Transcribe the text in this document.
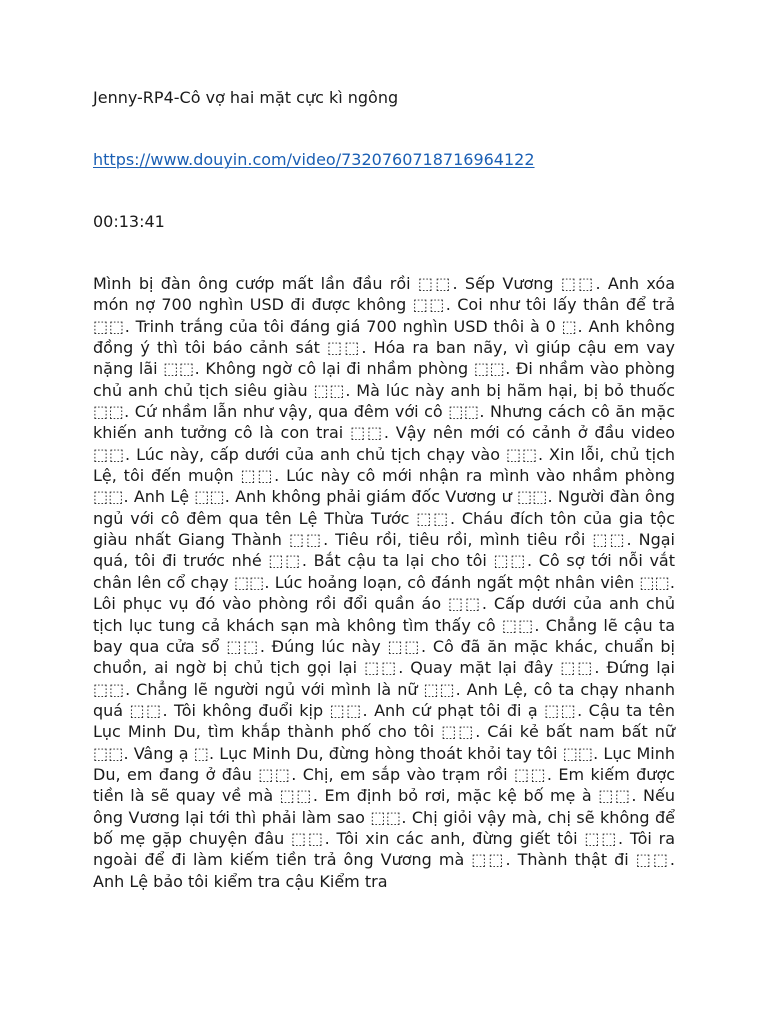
Jenny-RP4-Cô vợ hai mặt cực kì ngông
https://www.douyin.com/video/7320760718716964122
00:13:41
Mình bị đàn ông cướp mất lần đầu rồi ⬚⬚. Sếp Vương ⬚⬚. Anh xóa món nợ 700 nghìn USD đi được không ⬚⬚. Coi như tôi lấy thân để trả ⬚⬚. Trinh trắng của tôi đáng giá 700 nghìn USD thôi à 0 ⬚. Anh không đồng ý thì tôi báo cảnh sát ⬚⬚. Hóa ra ban nãy, vì giúp cậu em vay nặng lãi ⬚⬚. Không ngờ cô lại đi nhầm phòng ⬚⬚. Đi nhầm vào phòng chủ anh chủ tịch siêu giàu ⬚⬚. Mà lúc này anh bị hãm hại, bị bỏ thuốc ⬚⬚. Cứ nhầm lẫn như vậy, qua đêm với cô ⬚⬚. Nhưng cách cô ăn mặc khiến anh tưởng cô là con trai ⬚⬚. Vậy nên mới có cảnh ở đầu video ⬚⬚. Lúc này, cấp dưới của anh chủ tịch chạy vào ⬚⬚. Xin lỗi, chủ tịch Lệ, tôi đến muộn ⬚⬚. Lúc này cô mới nhận ra mình vào nhầm phòng ⬚⬚. Anh Lệ ⬚⬚. Anh không phải giám đốc Vương ư ⬚⬚. Người đàn ông ngủ với cô đêm qua tên Lệ Thừa Tước ⬚⬚. Cháu đích tôn của gia tộc giàu nhất Giang Thành ⬚⬚. Tiêu rồi, tiêu rồi, mình tiêu rồi ⬚⬚. Ngại quá, tôi đi trước nhé ⬚⬚. Bắt cậu ta lại cho tôi ⬚⬚. Cô sợ tới nỗi vắt chân lên cổ chạy ⬚⬚. Lúc hoảng loạn, cô đánh ngất một nhân viên ⬚⬚. Lôi phục vụ đó vào phòng rồi đổi quần áo ⬚⬚. Cấp dưới của anh chủ tịch lục tung cả khách sạn mà không tìm thấy cô ⬚⬚. Chẳng lẽ cậu ta bay qua cửa sổ ⬚⬚. Đúng lúc này ⬚⬚. Cô đã ăn mặc khác, chuẩn bị chuồn, ai ngờ bị chủ tịch gọi lại ⬚⬚. Quay mặt lại đây ⬚⬚. Đứng lại ⬚⬚. Chẳng lẽ người ngủ với mình là nữ ⬚⬚. Anh Lệ, cô ta chạy nhanh quá ⬚⬚. Tôi không đuổi kịp ⬚⬚. Anh cứ phạt tôi đi ạ ⬚⬚. Cậu ta tên Lục Minh Du, tìm khắp thành phố cho tôi ⬚⬚. Cái kẻ bất nam bất nữ ⬚⬚. Vâng ạ ⬚. Lục Minh Du, đừng hòng thoát khỏi tay tôi ⬚⬚. Lục Minh Du, em đang ở đâu ⬚⬚. Chị, em sắp vào trạm rồi ⬚⬚. Em kiếm được tiền là sẽ quay về mà ⬚⬚. Em định bỏ rơi, mặc kệ bố mẹ à ⬚⬚. Nếu ông Vương lại tới thì phải làm sao ⬚⬚. Chị giỏi vậy mà, chị sẽ không để bố mẹ gặp chuyện đâu ⬚⬚. Tôi xin các anh, đừng giết tôi ⬚⬚. Tôi ra ngoài để đi làm kiếm tiền trả ông Vương mà ⬚⬚. Thành thật đi ⬚⬚. Anh Lệ bảo tôi kiểm tra cậu Kiểm tra
